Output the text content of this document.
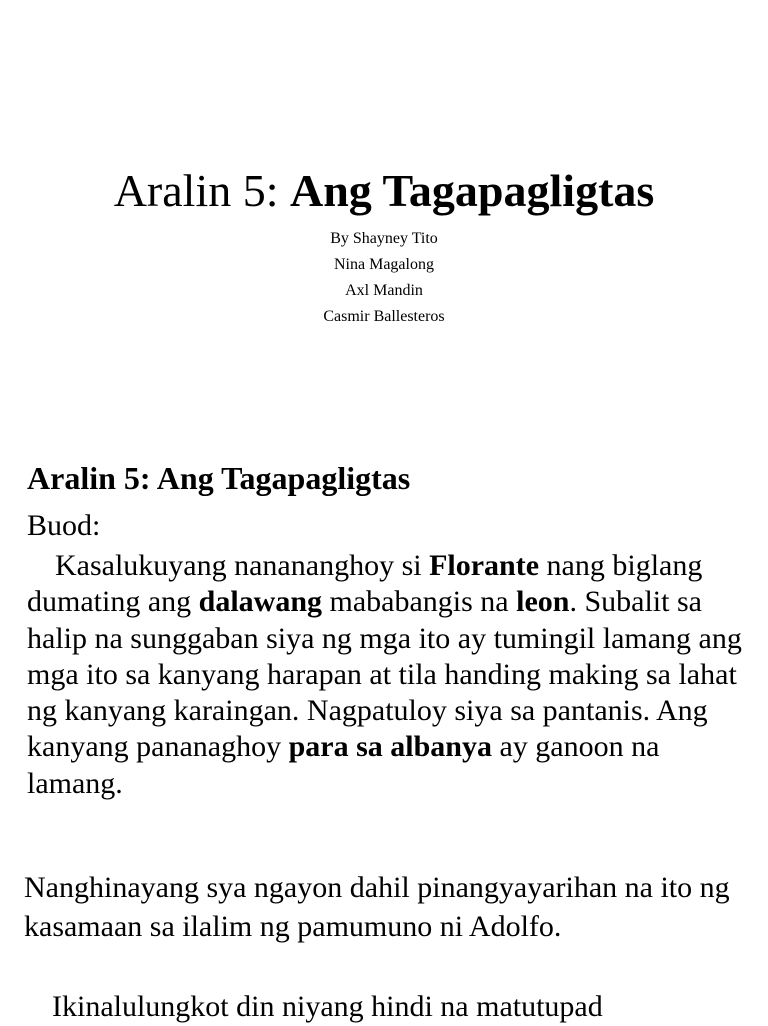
Aralin 5: Ang Tagapagligtas
By Shayney Tito
Nina Magalong
Axl Mandin
Casmir Ballesteros
Aralin 5: Ang Tagapagligtas

Buod:

Kasalukuyang nanananghoy si Florante nang biglang dumating ang dalawang mababangis na leon. Subalit sa halip na sunggaban siya ng mga ito ay tumingil lamang ang mga ito sa kanyang harapan at tila handing making sa lahat ng kanyang karaingan. Nagpatuloy siya sa pantanis. Ang kanyang pananaghoy para sa albanya ay ganoon na lamang.

Nanghinayang sya ngayon dahil pinangyayarihan na ito ng kasamaan sa ilalim ng pamumuno ni Adolfo.

Ikinalulungkot din niyang hindi na matutupad
